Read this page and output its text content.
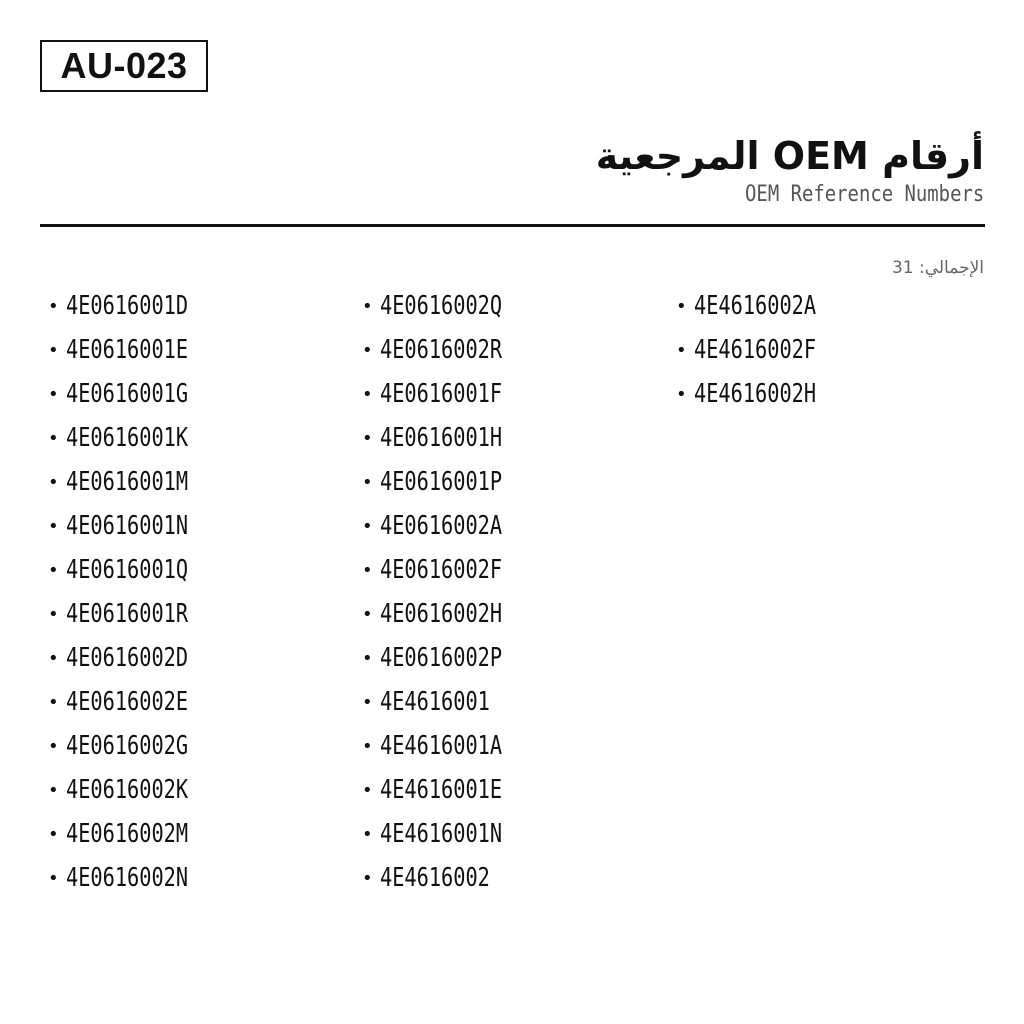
AU-023
أرقام OEM المرجعية
OEM Reference Numbers
الإجمالي: 31
• 4E0616001D
• 4E0616001E
• 4E0616001G
• 4E0616001K
• 4E0616001M
• 4E0616001N
• 4E0616001Q
• 4E0616001R
• 4E0616002D
• 4E0616002E
• 4E0616002G
• 4E0616002K
• 4E0616002M
• 4E0616002N
• 4E0616002Q
• 4E0616002R
• 4E0616001F
• 4E0616001H
• 4E0616001P
• 4E0616002A
• 4E0616002F
• 4E0616002H
• 4E0616002P
• 4E4616001
• 4E4616001A
• 4E4616001E
• 4E4616001N
• 4E4616002
• 4E4616002A
• 4E4616002F
• 4E4616002H
